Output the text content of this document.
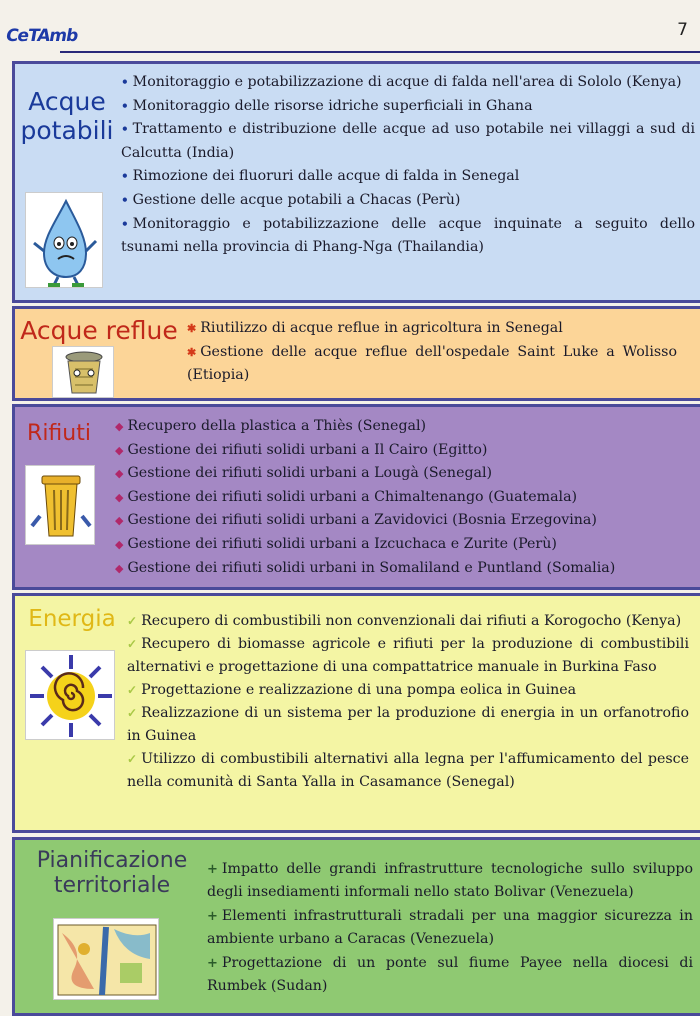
CeTAmb	7
Acque
potabili
• Monitoraggio e potabilizzazione di acque di falda nell'area di Sololo (Kenya)
• Monitoraggio delle risorse idriche superficiali in Ghana
• Trattamento e distribuzione delle acque ad uso potabile nei villaggi a sud di Calcutta (India)
• Rimozione dei fluoruri dalle acque di falda in Senegal
• Gestione delle acque potabili a Chacas (Perù)
• Monitoraggio e potabilizzazione delle acque inquinate a seguito dello tsunami nella provincia di Phang-Nga (Thailandia)
Acque reflue ✱ Riutilizzo di acque reflue in agricoltura in Senegal
✱ Gestione delle acque reflue dell'ospedale Saint Luke a Wolisso (Etiopia)
Rifiuti	◆ Recupero della plastica a Thiès (Senegal)
◆ Gestione dei rifiuti solidi urbani a Il Cairo (Egitto)
◆ Gestione dei rifiuti solidi urbani a Lougà (Senegal)
◆ Gestione dei rifiuti solidi urbani a Chimaltenango (Guatemala)
◆ Gestione dei rifiuti solidi urbani a Zavidovici (Bosnia Erzegovina)
◆ Gestione dei rifiuti solidi urbani a Izcuchaca e Zurite (Perù)
◆ Gestione dei rifiuti solidi urbani in Somaliland e Puntland (Somalia)
Energia ✓ Recupero di combustibili non convenzionali dai rifiuti a Korogocho (Kenya)
✓ Recupero di biomasse agricole e rifiuti per la produzione di combustibili alternativi e progettazione di una compattatrice manuale in Burkina Faso
✓ Progettazione e realizzazione di una pompa eolica in Guinea
✓ Realizzazione di un sistema per la produzione di energia in un orfanotrofio in Guinea
✓ Utilizzo di combustibili alternativi alla legna per l'affumicamento del pesce nella comunità di Santa Yalla in Casamance (Senegal)
Pianificazione
territoriale
+ Impatto delle grandi infrastrutture tecnologiche sullo sviluppo degli insediamenti informali nello stato Bolivar (Venezuela)
+ Elementi infrastrutturali stradali per una maggior sicurezza in ambiente urbano a Caracas (Venezuela)
+ Progettazione di un ponte sul fiume Payee nella diocesi di Rumbek (Sudan)
